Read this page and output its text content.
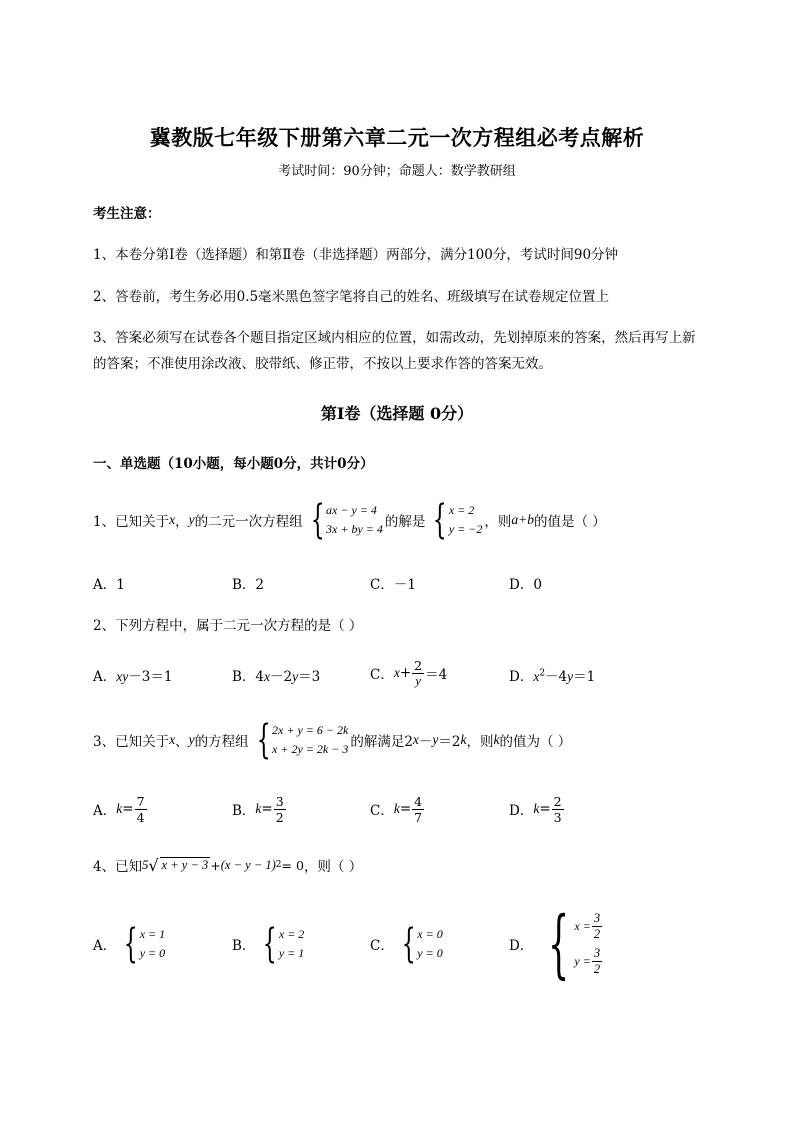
冀教版七年级下册第六章二元一次方程组必考点解析
考试时间：90分钟；命题人：数学教研组
考生注意：
1、本卷分第I卷（选择题）和第Ⅱ卷（非选择题）两部分，满分100分，考试时间90分钟
2、答卷前，考生务必用0.5毫米黑色签字笔将自己的姓名、班级填写在试卷规定位置上
3、答案必须写在试卷各个题目指定区域内相应的位置，如需改动，先划掉原来的答案，然后再写上新
的答案；不准使用涂改液、胶带纸、修正带，不按以上要求作答的答案无效。
第I卷（选择题 0分）
一、单选题（10小题，每小题0分，共计0分）
1、已知关于 x ， y 的二元一次方程组 { ax − y = 4
3x + by = 4 的解是 { x = 2
y = −2 ，则 a+b 的值是（ ）
A．1	B．2	C．－1	D．0
2、下列方程中，属于二元一次方程的是（ ）
A．xy－3＝1	B．4x－2y＝3	C． $x + \frac{2}{y} =4$	D．$x^2-4y=1$
3、已知关于 x 、 y 的方程组 { 2x + y = 6 − 2k
x + 2y = 2k − 3 的解满足2 x － y ＝2 k ，则 k 的值为（ ）
A． $k = \frac{7}{4}$	B． $k = \frac{3}{2}$	C． $k = \frac{4}{7}$	D． $k = \frac{2}{3}$
4、已知 5 √ x + y − 3 + (x − y − 1) 2 = 0 ，则（ ）
A． { x = 1
y = 0	B． { x = 2
y = 1	C． { x = 0
y = 0	D． { $x = \frac{3}{2}$
$y = \frac{3}{2}$
